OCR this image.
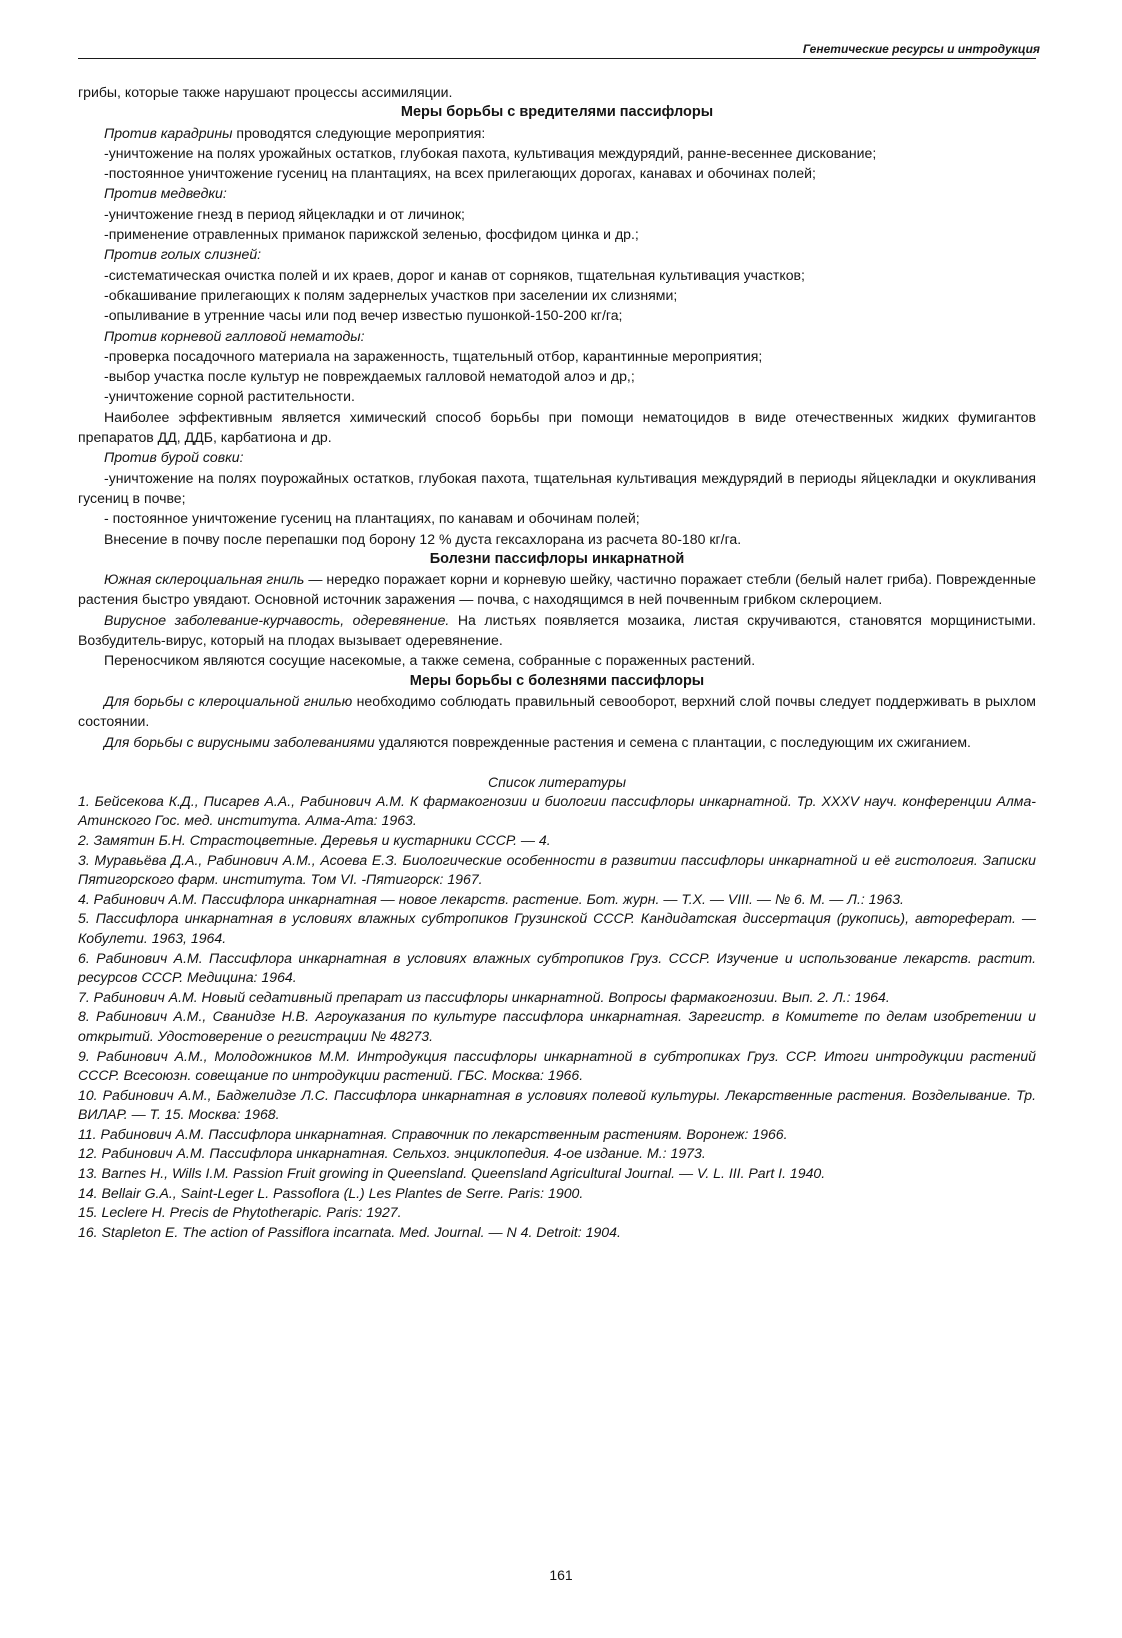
Генетические ресурсы и интродукция

грибы, которые также нарушают процессы ассимиляции.

Меры борьбы с вредителями пассифлоры

Против карадрины проводятся следующие мероприятия:

-уничтожение на полях урожайных остатков, глубокая пахота, культивация междурядий, ранне-весеннее дискование;

-постоянное уничтожение гусениц на плантациях, на всех прилегающих дорогах, канавах и обочинах полей;

Против медведки:

-уничтожение гнезд в период яйцекладки и от личинок;

-применение отравленных приманок парижской зеленью, фосфидом цинка и др.;

Против голых слизней:

-систематическая очистка полей и их краев, дорог и канав от сорняков, тщательная культивация участков;

-обкашивание прилегающих к полям задернелых участков при заселении их слизнями;

-опыливание в утренние часы или под вечер известью пушонкой-150-200 кг/га;

Против корневой галловой нематоды:

-проверка посадочного материала на зараженность, тщательный отбор, карантинные мероприятия;

-выбор участка после культур не повреждаемых галловой нематодой алоэ и др,;

-уничтожение сорной растительности.

Наиболее эффективным является химический способ борьбы при помощи нематоцидов в виде отечественных жидких фумигантов препаратов ДД, ДДБ, карбатиона и др.

Против бурой совки:

-уничтожение на полях поурожайных остатков, глубокая пахота, тщательная культивация междурядий в периоды яйцекладки и окукливания гусениц в почве;

- постоянное уничтожение гусениц на плантациях, по канавам и обочинам полей;

Внесение в почву после перепашки под борону 12 % дуста гексахлорана из расчета 80-180 кг/га.

Болезни пассифлоры инкарнатной

Южная склероциальная гниль — нередко поражает корни и корневую шейку, частично поражает стебли (белый налет гриба). Поврежденные растения быстро увядают. Основной источник заражения — почва, с находящимся в ней почвенным грибком склероцием.

Вирусное заболевание-курчавость, одеревянение. На листьях появляется мозаика, листая скручиваются, становятся морщинистыми. Возбудитель-вирус, который на плодах вызывает одеревянение.

Переносчиком являются сосущие насекомые, а также семена, собранные с пораженных растений.

Меры борьбы с болезнями пассифлоры

Для борьбы с клероциальной гнилью необходимо соблюдать правильный севооборот, верхний слой почвы следует поддерживать в рыхлом состоянии.

Для борьбы с вирусными заболеваниями удаляются поврежденные растения и семена с плантации, с последующим их сжиганием.

Список литературы
1. Бейсекова К.Д., Писарев А.А., Рабинович А.М. К фармакогнозии и биологии пассифлоры инкарнатной. Тр. XXXV науч. конференции Алма-Атинского Гос. мед. института. Алма-Ата: 1963.
2. Замятин Б.Н. Страстоцветные. Деревья и кустарники СССР. — 4.
3. Муравьёва Д.А., Рабинович А.М., Асоева Е.З. Биологические особенности в развитии пассифлоры инкарнатной и её гистология. Записки Пятигорского фарм. института. Том VI. -Пятигорск: 1967.
4. Рабинович А.М. Пассифлора инкарнатная — новое лекарств. растение. Бот. журн. — Т.Х. — VIII. — № 6. М. — Л.: 1963.
5. Пассифлора инкарнатная в условиях влажных субтропиков Грузинской СССР. Кандидатская диссертация (рукопись), автореферат. — Кобулети. 1963, 1964.
6. Рабинович А.М. Пассифлора инкарнатная в условиях влажных субтропиков Груз. СССР. Изучение и использование лекарств. растит. ресурсов СССР. Медицина: 1964.
7. Рабинович А.М. Новый седативный препарат из пассифлоры инкарнатной. Вопросы фармакогнозии. Вып. 2. Л.: 1964.
8. Рабинович А.М., Сванидзе Н.В. Агроуказания по культуре пассифлора инкарнатная. Зарегистр. в Комитете по делам изобретении и открытий. Удостоверение о регистрации № 48273.
9. Рабинович А.М., Молодожников М.М. Интродукция пассифлоры инкарнатной в субтропиках Груз. ССР. Итоги интродукции растений СССР. Всесоюзн. совещание по интродукции растений. ГБС. Москва: 1966.
10. Рабинович А.М., Баджелидзе Л.С. Пассифлора инкарнатная в условиях полевой культуры. Лекарственные растения. Возделывание. Тр. ВИЛАР. — Т. 15. Москва: 1968.
11. Рабинович А.М. Пассифлора инкарнатная. Справочник по лекарственным растениям. Воронеж: 1966.
12. Рабинович А.М. Пассифлора инкарнатная. Сельхоз. энциклопедия. 4-ое издание. М.: 1973.
13. Barnes H., Wills I.M. Passion Fruit growing in Queensland. Queensland Agricultural Journal. — V. L. III. Part I. 1940.
14. Bellair G.A., Saint-Leger L. Passoflora (L.) Les Plantes de Serre. Paris: 1900.
15. Leclere H. Precis de Phytotherapic. Paris: 1927.
16. Stapleton E. The action of Passiflora incarnata. Med. Journal. — N 4. Detroit: 1904.
161
